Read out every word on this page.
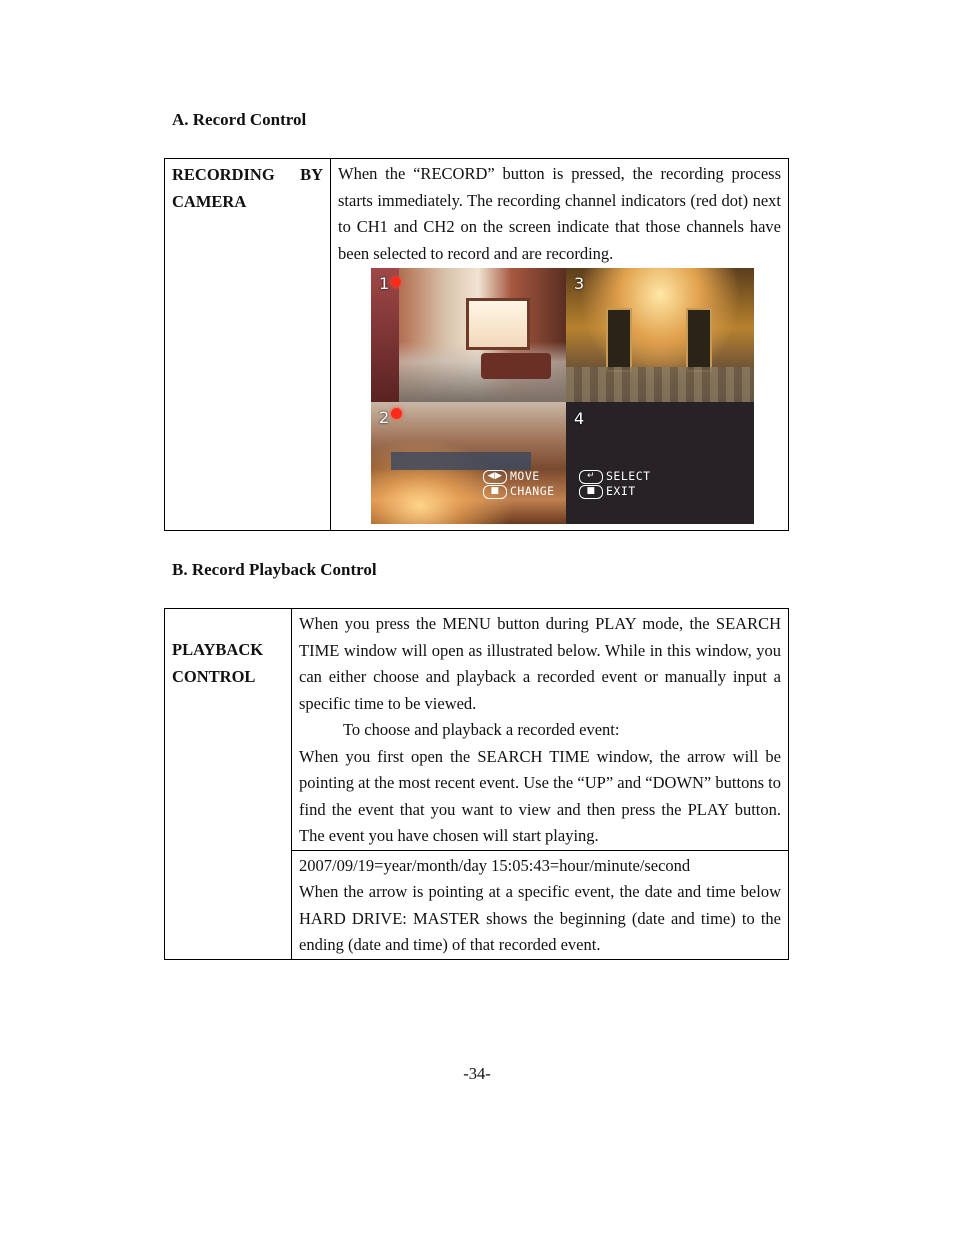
A. Record Control
RECORDING BY CAMERA

When the “RECORD” button is pressed, the recording process starts immediately. The recording channel indicators (red dot) next to CH1 and CH2 on the screen indicate that those channels have been selected to record and are recording.

1	3
2
◀▶ MOVE
■ CHANGE
4
↵ SELECT
■ EXIT
B. Record Playback Control
PLAYBACK CONTROL

When you press the MENU button during PLAY mode, the SEARCH TIME window will open as illustrated below. While in this window, you can either choose and playback a recorded event or manually input a specific time to be viewed.

To choose and playback a recorded event:

When you first open the SEARCH TIME window, the arrow will be pointing at the most recent event. Use the “UP” and “DOWN” buttons to find the event that you want to view and then press the PLAY button. The event you have chosen will start playing.

2007/09/19=year/month/day 15:05:43=hour/minute/second

When the arrow is pointing at a specific event, the date and time below HARD DRIVE: MASTER shows the beginning (date and time) to the ending (date and time) of that recorded event.

-34-
